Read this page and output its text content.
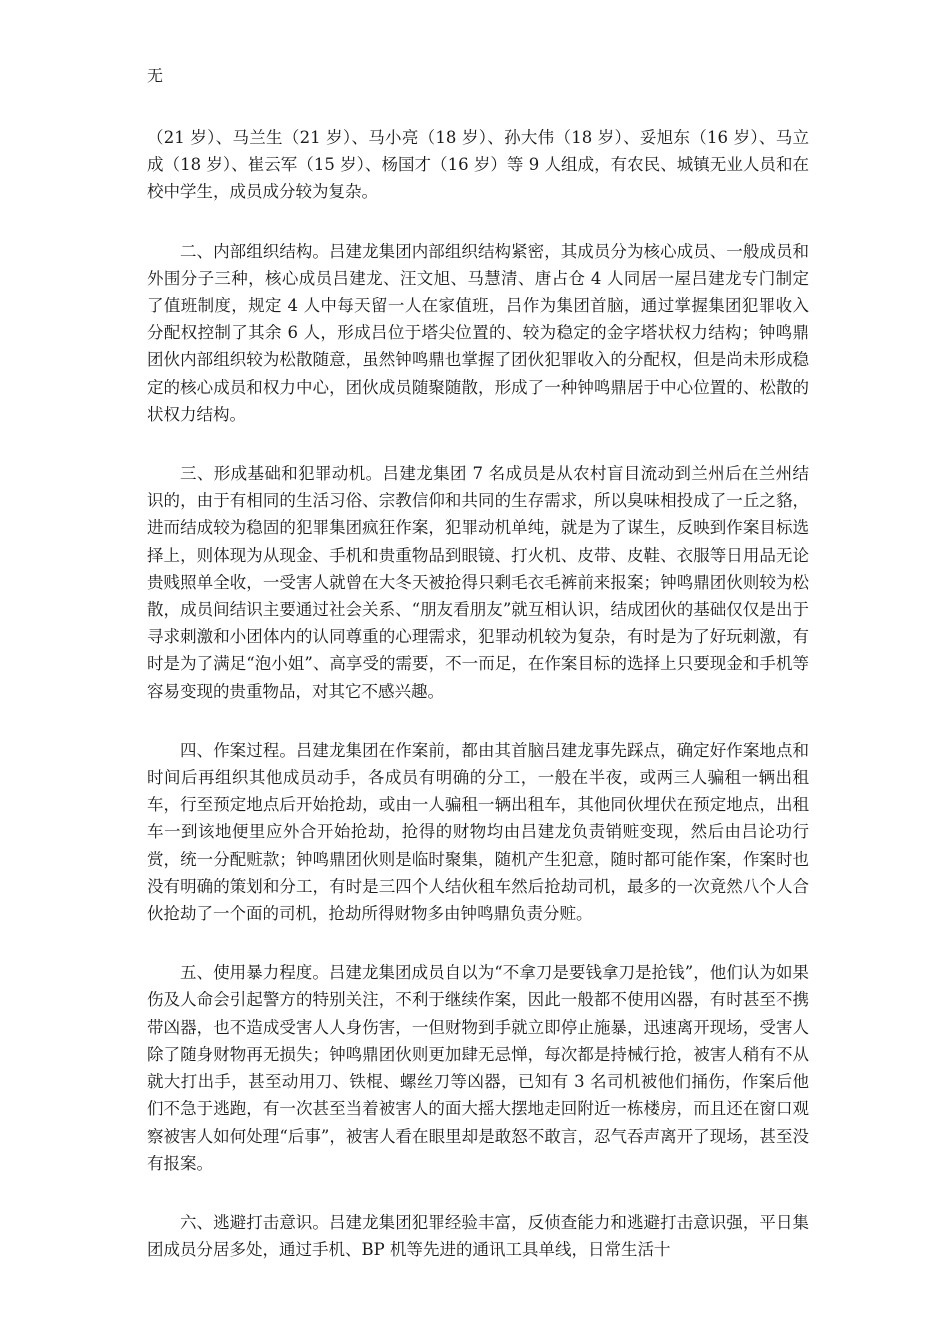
无

（21 岁）、马兰生（21 岁）、马小亮（18 岁）、孙大伟（18 岁）、妥旭东（16 岁）、马立成（18 岁）、崔云军（15 岁）、杨国才（16 岁）等 9 人组成，有农民、城镇无业人员和在校中学生，成员成分较为复杂。

二、内部组织结构。吕建龙集团内部组织结构紧密，其成员分为核心成员、一般成员和外围分子三种，核心成员吕建龙、汪文旭、马慧清、唐占仓 4 人同居一屋吕建龙专门制定了值班制度，规定 4 人中每天留一人在家值班，吕作为集团首脑，通过掌握集团犯罪收入分配权控制了其余 6 人，形成吕位于塔尖位置的、较为稳定的金字塔状权力结构；钟鸣鼎团伙内部组织较为松散随意，虽然钟鸣鼎也掌握了团伙犯罪收入的分配权，但是尚未形成稳定的核心成员和权力中心，团伙成员随聚随散，形成了一种钟鸣鼎居于中心位置的、松散的状权力结构。

三、形成基础和犯罪动机。吕建龙集团 7 名成员是从农村盲目流动到兰州后在兰州结识的，由于有相同的生活习俗、宗教信仰和共同的生存需求，所以臭味相投成了一丘之貉，进而结成较为稳固的犯罪集团疯狂作案，犯罪动机单纯，就是为了谋生，反映到作案目标选择上，则体现为从现金、手机和贵重物品到眼镜、打火机、皮带、皮鞋、衣服等日用品无论贵贱照单全收，一受害人就曾在大冬天被抢得只剩毛衣毛裤前来报案；钟鸣鼎团伙则较为松散，成员间结识主要通过社会关系、“朋友看朋友”就互相认识，结成团伙的基础仅仅是出于寻求刺激和小团体内的认同尊重的心理需求，犯罪动机较为复杂，有时是为了好玩刺激，有时是为了满足“泡小姐”、高享受的需要，不一而足，在作案目标的选择上只要现金和手机等容易变现的贵重物品，对其它不感兴趣。

四、作案过程。吕建龙集团在作案前，都由其首脑吕建龙事先踩点，确定好作案地点和时间后再组织其他成员动手，各成员有明确的分工，一般在半夜，或两三人骗租一辆出租车，行至预定地点后开始抢劫，或由一人骗租一辆出租车，其他同伙埋伏在预定地点，出租车一到该地便里应外合开始抢劫，抢得的财物均由吕建龙负责销赃变现，然后由吕论功行赏，统一分配赃款；钟鸣鼎团伙则是临时聚集，随机产生犯意，随时都可能作案，作案时也没有明确的策划和分工，有时是三四个人结伙租车然后抢劫司机，最多的一次竟然八个人合伙抢劫了一个面的司机，抢劫所得财物多由钟鸣鼎负责分赃。

五、使用暴力程度。吕建龙集团成员自以为“不拿刀是要钱拿刀是抢钱”，他们认为如果伤及人命会引起警方的特别关注，不利于继续作案，因此一般都不使用凶器，有时甚至不携带凶器，也不造成受害人人身伤害，一但财物到手就立即停止施暴，迅速离开现场，受害人除了随身财物再无损失；钟鸣鼎团伙则更加肆无忌惮，每次都是持械行抢，被害人稍有不从就大打出手，甚至动用刀、铁棍、螺丝刀等凶器，已知有 3 名司机被他们捅伤，作案后他们不急于逃跑，有一次甚至当着被害人的面大摇大摆地走回附近一栋楼房，而且还在窗口观察被害人如何处理“后事”，被害人看在眼里却是敢怒不敢言，忍气吞声离开了现场，甚至没有报案。

六、逃避打击意识。吕建龙集团犯罪经验丰富，反侦查能力和逃避打击意识强，平日集团成员分居多处，通过手机、BP 机等先进的通讯工具单线，日常生活十
